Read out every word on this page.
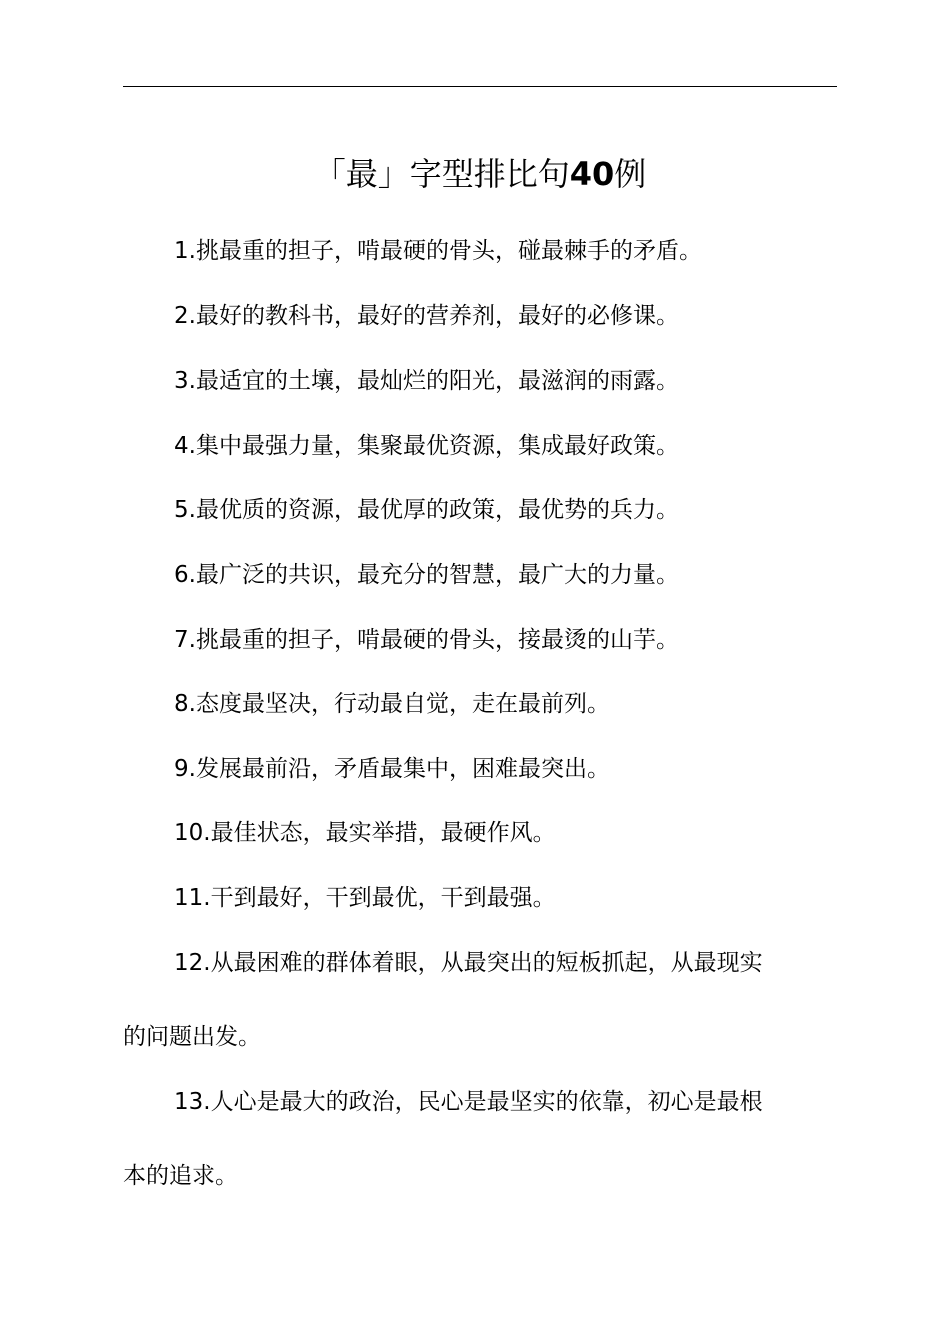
「最」字型排比句40例
1.挑最重的担子，啃最硬的骨头，碰最棘手的矛盾。
2.最好的教科书，最好的营养剂，最好的必修课。
3.最适宜的土壤，最灿烂的阳光，最滋润的雨露。
4.集中最强力量，集聚最优资源，集成最好政策。
5.最优质的资源，最优厚的政策，最优势的兵力。
6.最广泛的共识，最充分的智慧，最广大的力量。
7.挑最重的担子，啃最硬的骨头，接最烫的山芋。
8.态度最坚决，行动最自觉，走在最前列。
9.发展最前沿，矛盾最集中，困难最突出。
10.最佳状态，最实举措，最硬作风。
11.干到最好，干到最优，干到最强。
12.从最困难的群体着眼，从最突出的短板抓起，从最现实
的问题出发。
13.人心是最大的政治，民心是最坚实的依靠，初心是最根
本的追求。
